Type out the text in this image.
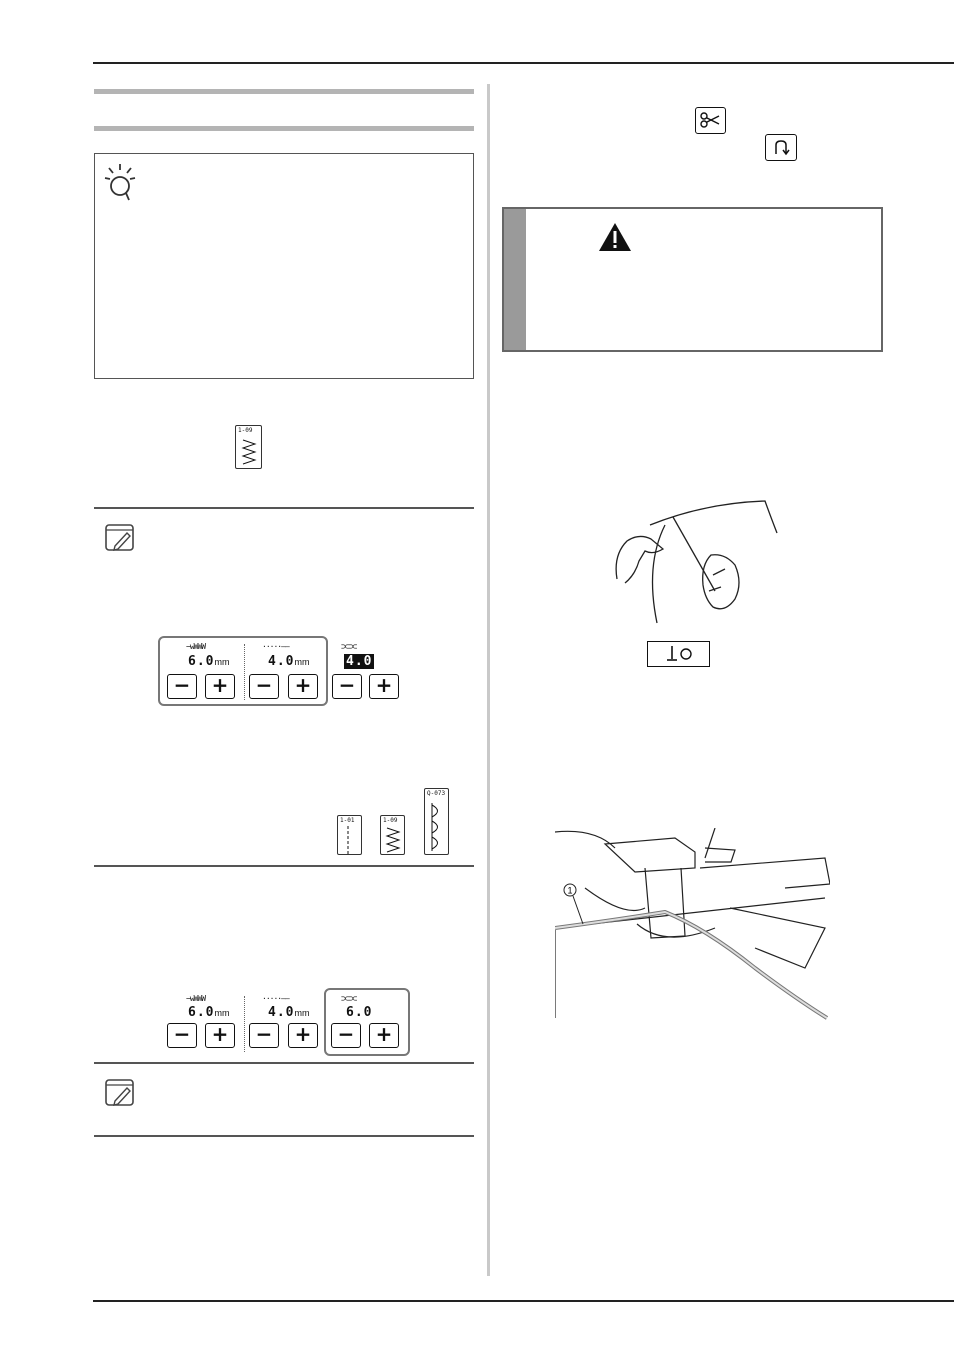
1-09
−wWWW	·····——	⊃⊂⊃⊂
6.0mm	4.0mm	4.0
−	+	−	+	−	+
1-01	1-09
Q-073
−wWWW	·····——	⊃⊂⊃⊂
6.0mm	4.0mm	6.0
−	+	−	+	−	+
1
